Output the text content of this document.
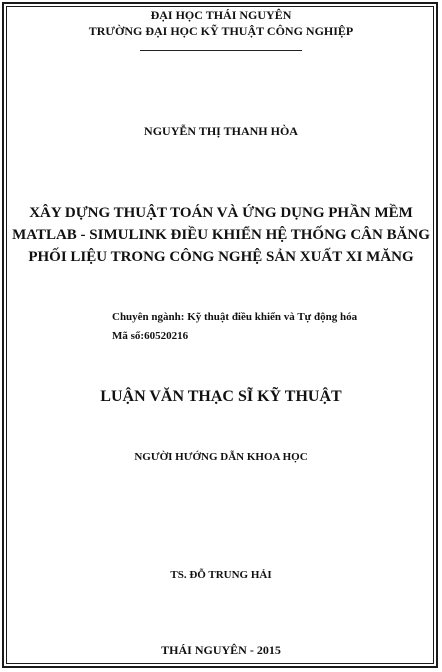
ĐẠI HỌC THÁI NGUYÊN
TRƯỜNG ĐẠI HỌC KỸ THUẬT CÔNG NGHIỆP
NGUYỄN THỊ THANH HÒA
XÂY DỰNG THUẬT TOÁN VÀ ỨNG DỤNG PHẦN MỀM
MATLAB - SIMULINK ĐIỀU KHIỂN HỆ THỐNG CÂN BĂNG
PHỐI LIỆU TRONG CÔNG NGHỆ SẢN XUẤT XI MĂNG
Chuyên ngành: Kỹ thuật điều khiển và Tự động hóa
Mã số:60520216
LUẬN VĂN THẠC SĨ KỸ THUẬT
NGƯỜI HƯỚNG DẪN KHOA HỌC
TS. ĐỖ TRUNG HẢI
THÁI NGUYÊN - 2015
